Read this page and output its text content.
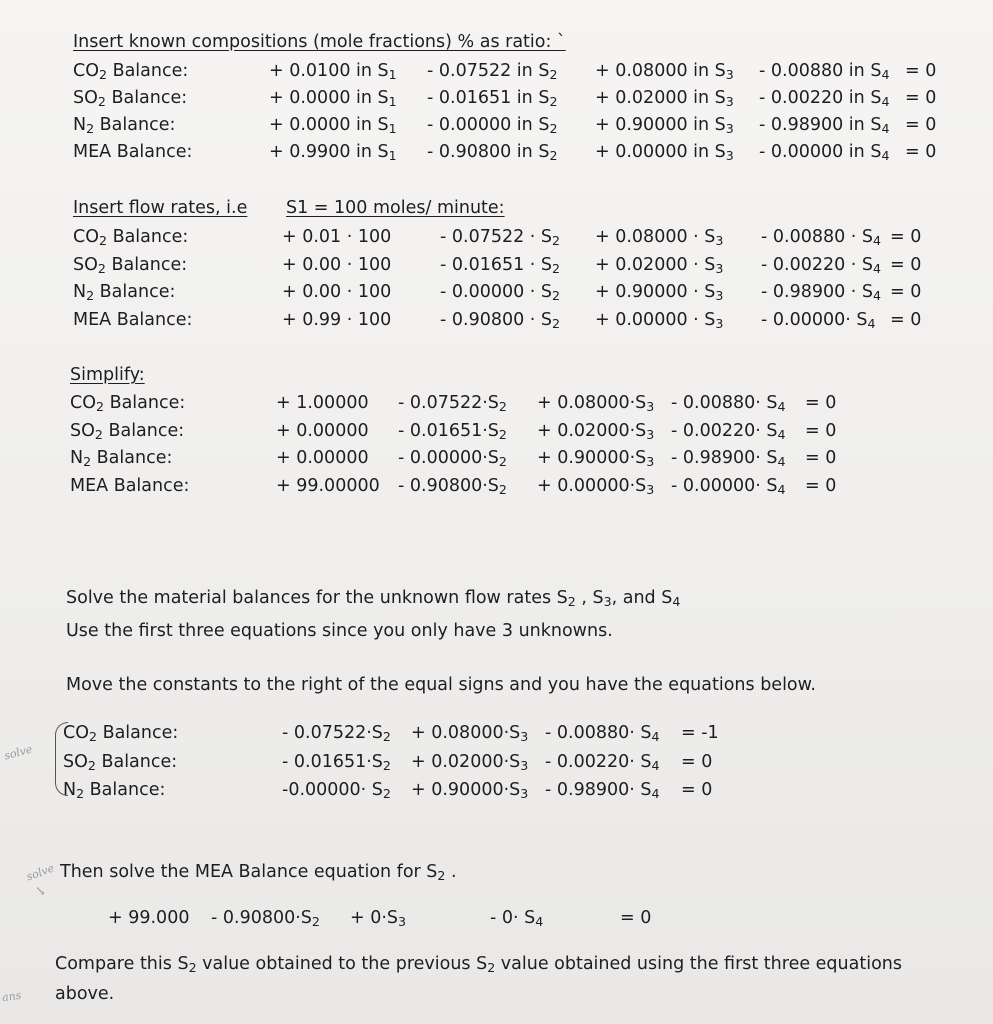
Insert known compositions (mole fractions) % as ratio: `
$CO_2$ Balance:	+ 0.0100 in $S_1 - 0.07522$ in $S_2 + 0.08000$ in $S_3 - 0.00880$ in $S_4 = 0$
$SO_2$ Balance:	+ 0.0000 in $S_1 - 0.01651$ in $S_2 + 0.02000$ in $S_3 - 0.00220$ in $S_4 = 0$
$N_2$ Balance:	+ 0.0000 in $S_1 - 0.00000$ in $S_2 + 0.90000$ in $S_3 - 0.98900$ in $S_4 = 0$
MEA Balance:	+ 0.9900 in $S_1 - 0.90800$ in $S_2 + 0.00000$ in $S_3 - 0.00000$ in $S_4 = 0$
Insert flow rates, i.e S1 = 100 moles/ minute:
$CO_2$ Balance:	+ 0.01 · 100	- $0.07522 \cdot S_2 + 0.08000 \cdot S_3 - 0.00880 \cdot S_4 = 0$
$SO_2$ Balance:	+ 0.00 · 100	- $0.01651 \cdot S_2 + 0.02000 \cdot S_3 - 0.00220 \cdot S_4 = 0$
$N_2$ Balance:	+ 0.00 · 100	- $0.00000 \cdot S_2 + 0.90000 \cdot S_3 - 0.98900 \cdot S_4 = 0$
MEA Balance:	+ 0.99 · 100	- $0.90800 \cdot S_2 + 0.00000 \cdot S_3 - 0.00000\cdot S_4 = 0$
Simplify:
$CO_2$ Balance:	+ $1.00000 - 0.07522\cdot S_2 + 0.08000\cdot S_3 - 0.00880\cdot S_4 = 0$
$SO_2$ Balance:	+ $0.00000 - 0.01651\cdot S_2 + 0.02000\cdot S_3 - 0.00220\cdot S_4 = 0$
$N_2$ Balance:	+ $0.00000 - 0.00000\cdot S_2 + 0.90000\cdot S_3 - 0.98900\cdot S_4 = 0$
MEA Balance:	+ $99.00000 - 0.90800\cdot S_2 + 0.00000\cdot S_3 - 0.00000\cdot S_4 = 0$
Solve the material balances for the unknown flow rates $S_2$ , $S_3$, and $S_4$
Use the first three equations since you only have 3 unknowns.
Move the constants to the right of the equal signs and you have the equations below.
solve
$CO_2$ Balance:	- $0.07522\cdot S_2 + 0.08000\cdot S_3 - 0.00880\cdot S_4 = -1$
$SO_2$ Balance:	- $0.01651\cdot S_2 + 0.02000\cdot S_3 - 0.00220\cdot S_4 = 0$
$N_2$ Balance:	$-0.00000\cdot S_2 + 0.90000\cdot S_3 - 0.98900\cdot S_4 = 0$
solve
↘
Then solve the MEA Balance equation for $S_2$ .
+ $99.000 - 0.90800\cdot S_2 + 0\cdot S_3$	- $0\cdot S_4$	= 0
Compare this $S_2$ value obtained to the previous $S_2$ value obtained using the first three equations
ans above.
